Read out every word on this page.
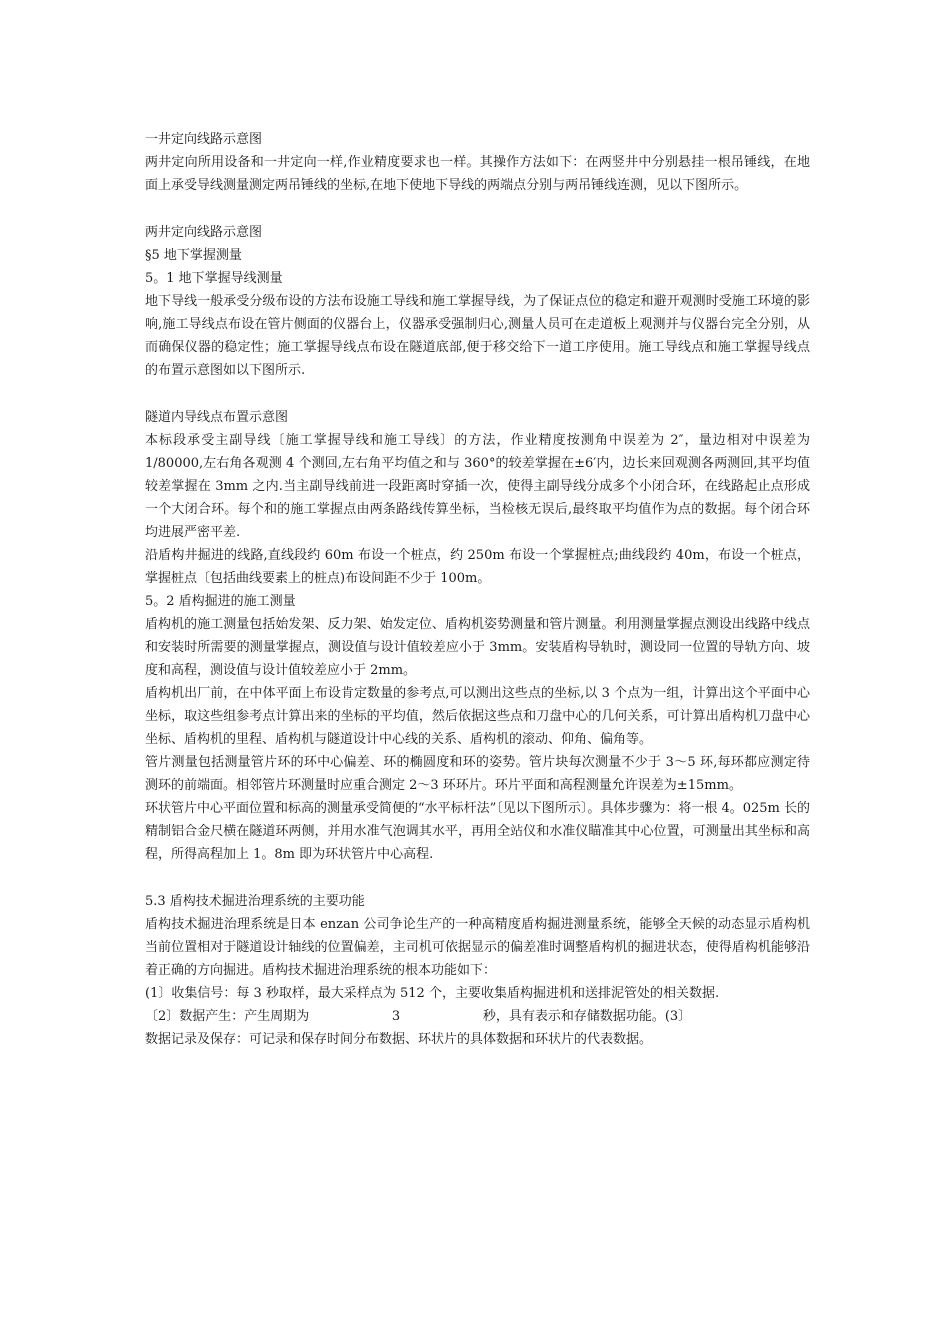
一井定向线路示意图

两井定向所用设备和一井定向一样,作业精度要求也一样。其操作方法如下：在两竖井中分别悬挂一根吊锤线，在地面上承受导线测量测定两吊锤线的坐标,在地下使地下导线的两端点分别与两吊锤线连测，见以下图所示。

两井定向线路示意图

§5 地下掌握测量

5。1 地下掌握导线测量

地下导线一般承受分级布设的方法布设施工导线和施工掌握导线，为了保证点位的稳定和避开观测时受施工环境的影响,施工导线点布设在管片侧面的仪器台上，仪器承受强制归心,测量人员可在走道板上观测并与仪器台完全分别，从而确保仪器的稳定性；施工掌握导线点布设在隧道底部,便于移交给下一道工序使用。施工导线点和施工掌握导线点的布置示意图如以下图所示.

隧道内导线点布置示意图

本标段承受主副导线〔施工掌握导线和施工导线〕的方法，作业精度按测角中误差为 2″，量边相对中误差为 1/80000,左右角各观测 4 个测回,左右角平均值之和与 360°的较差掌握在±6′内，边长来回观测各两测回,其平均值较差掌握在 3mm 之内.当主副导线前进一段距离时穿插一次，使得主副导线分成多个小闭合环，在线路起止点形成一个大闭合环。每个和的施工掌握点由两条路线传算坐标，当检核无误后,最终取平均值作为点的数据。每个闭合环均进展严密平差.

沿盾构井掘进的线路,直线段约 60m 布设一个桩点，约 250m 布设一个掌握桩点;曲线段约 40m，布设一个桩点，掌握桩点〔包括曲线要素上的桩点)布设间距不少于 100m。

5。2 盾构掘进的施工测量

盾构机的施工测量包括始发架、反力架、始发定位、盾构机姿势测量和管片测量。利用测量掌握点测设出线路中线点和安装时所需要的测量掌握点，测设值与设计值较差应小于 3mm。安装盾构导轨时，测设同一位置的导轨方向、坡度和高程，测设值与设计值较差应小于 2mm。

盾构机出厂前，在中体平面上布设肯定数量的参考点,可以测出这些点的坐标,以 3 个点为一组，计算出这个平面中心坐标，取这些组参考点计算出来的坐标的平均值，然后依据这些点和刀盘中心的几何关系，可计算出盾构机刀盘中心坐标、盾构机的里程、盾构机与隧道设计中心线的关系、盾构机的滚动、仰角、偏角等。

管片测量包括测量管片环的环中心偏差、环的椭圆度和环的姿势。管片块每次测量不少于 3～5 环,每环都应测定待测环的前端面。相邻管片环测量时应重合测定 2～3 环环片。环片平面和高程测量允许误差为±15mm。

环状管片中心平面位置和标高的测量承受简便的“水平标杆法”〔见以下图所示〕。具体步骤为：将一根 4。025m 长的精制铝合金尺横在隧道环两侧，并用水准气泡调其水平，再用全站仪和水准仪瞄准其中心位置，可测量出其坐标和高程，所得高程加上 1。8m 即为环状管片中心高程.

5.3 盾构技术掘进治理系统的主要功能

盾构技术掘进治理系统是日本 enzan 公司争论生产的一种高精度盾构掘进测量系统，能够全天候的动态显示盾构机当前位置相对于隧道设计轴线的位置偏差，主司机可依据显示的偏差准时调整盾构机的掘进状态，使得盾构机能够沿着正确的方向掘进。盾构技术掘进治理系统的根本功能如下：

(1〕收集信号：每 3 秒取样，最大采样点为 512 个，主要收集盾构掘进机和送排泥管处的相关数据.

〔2〕数据产生：产生周期为                    3                    秒，具有表示和存储数据功能。(3〕

数据记录及保存：可记录和保存时间分布数据、环状片的具体数据和环状片的代表数据。
